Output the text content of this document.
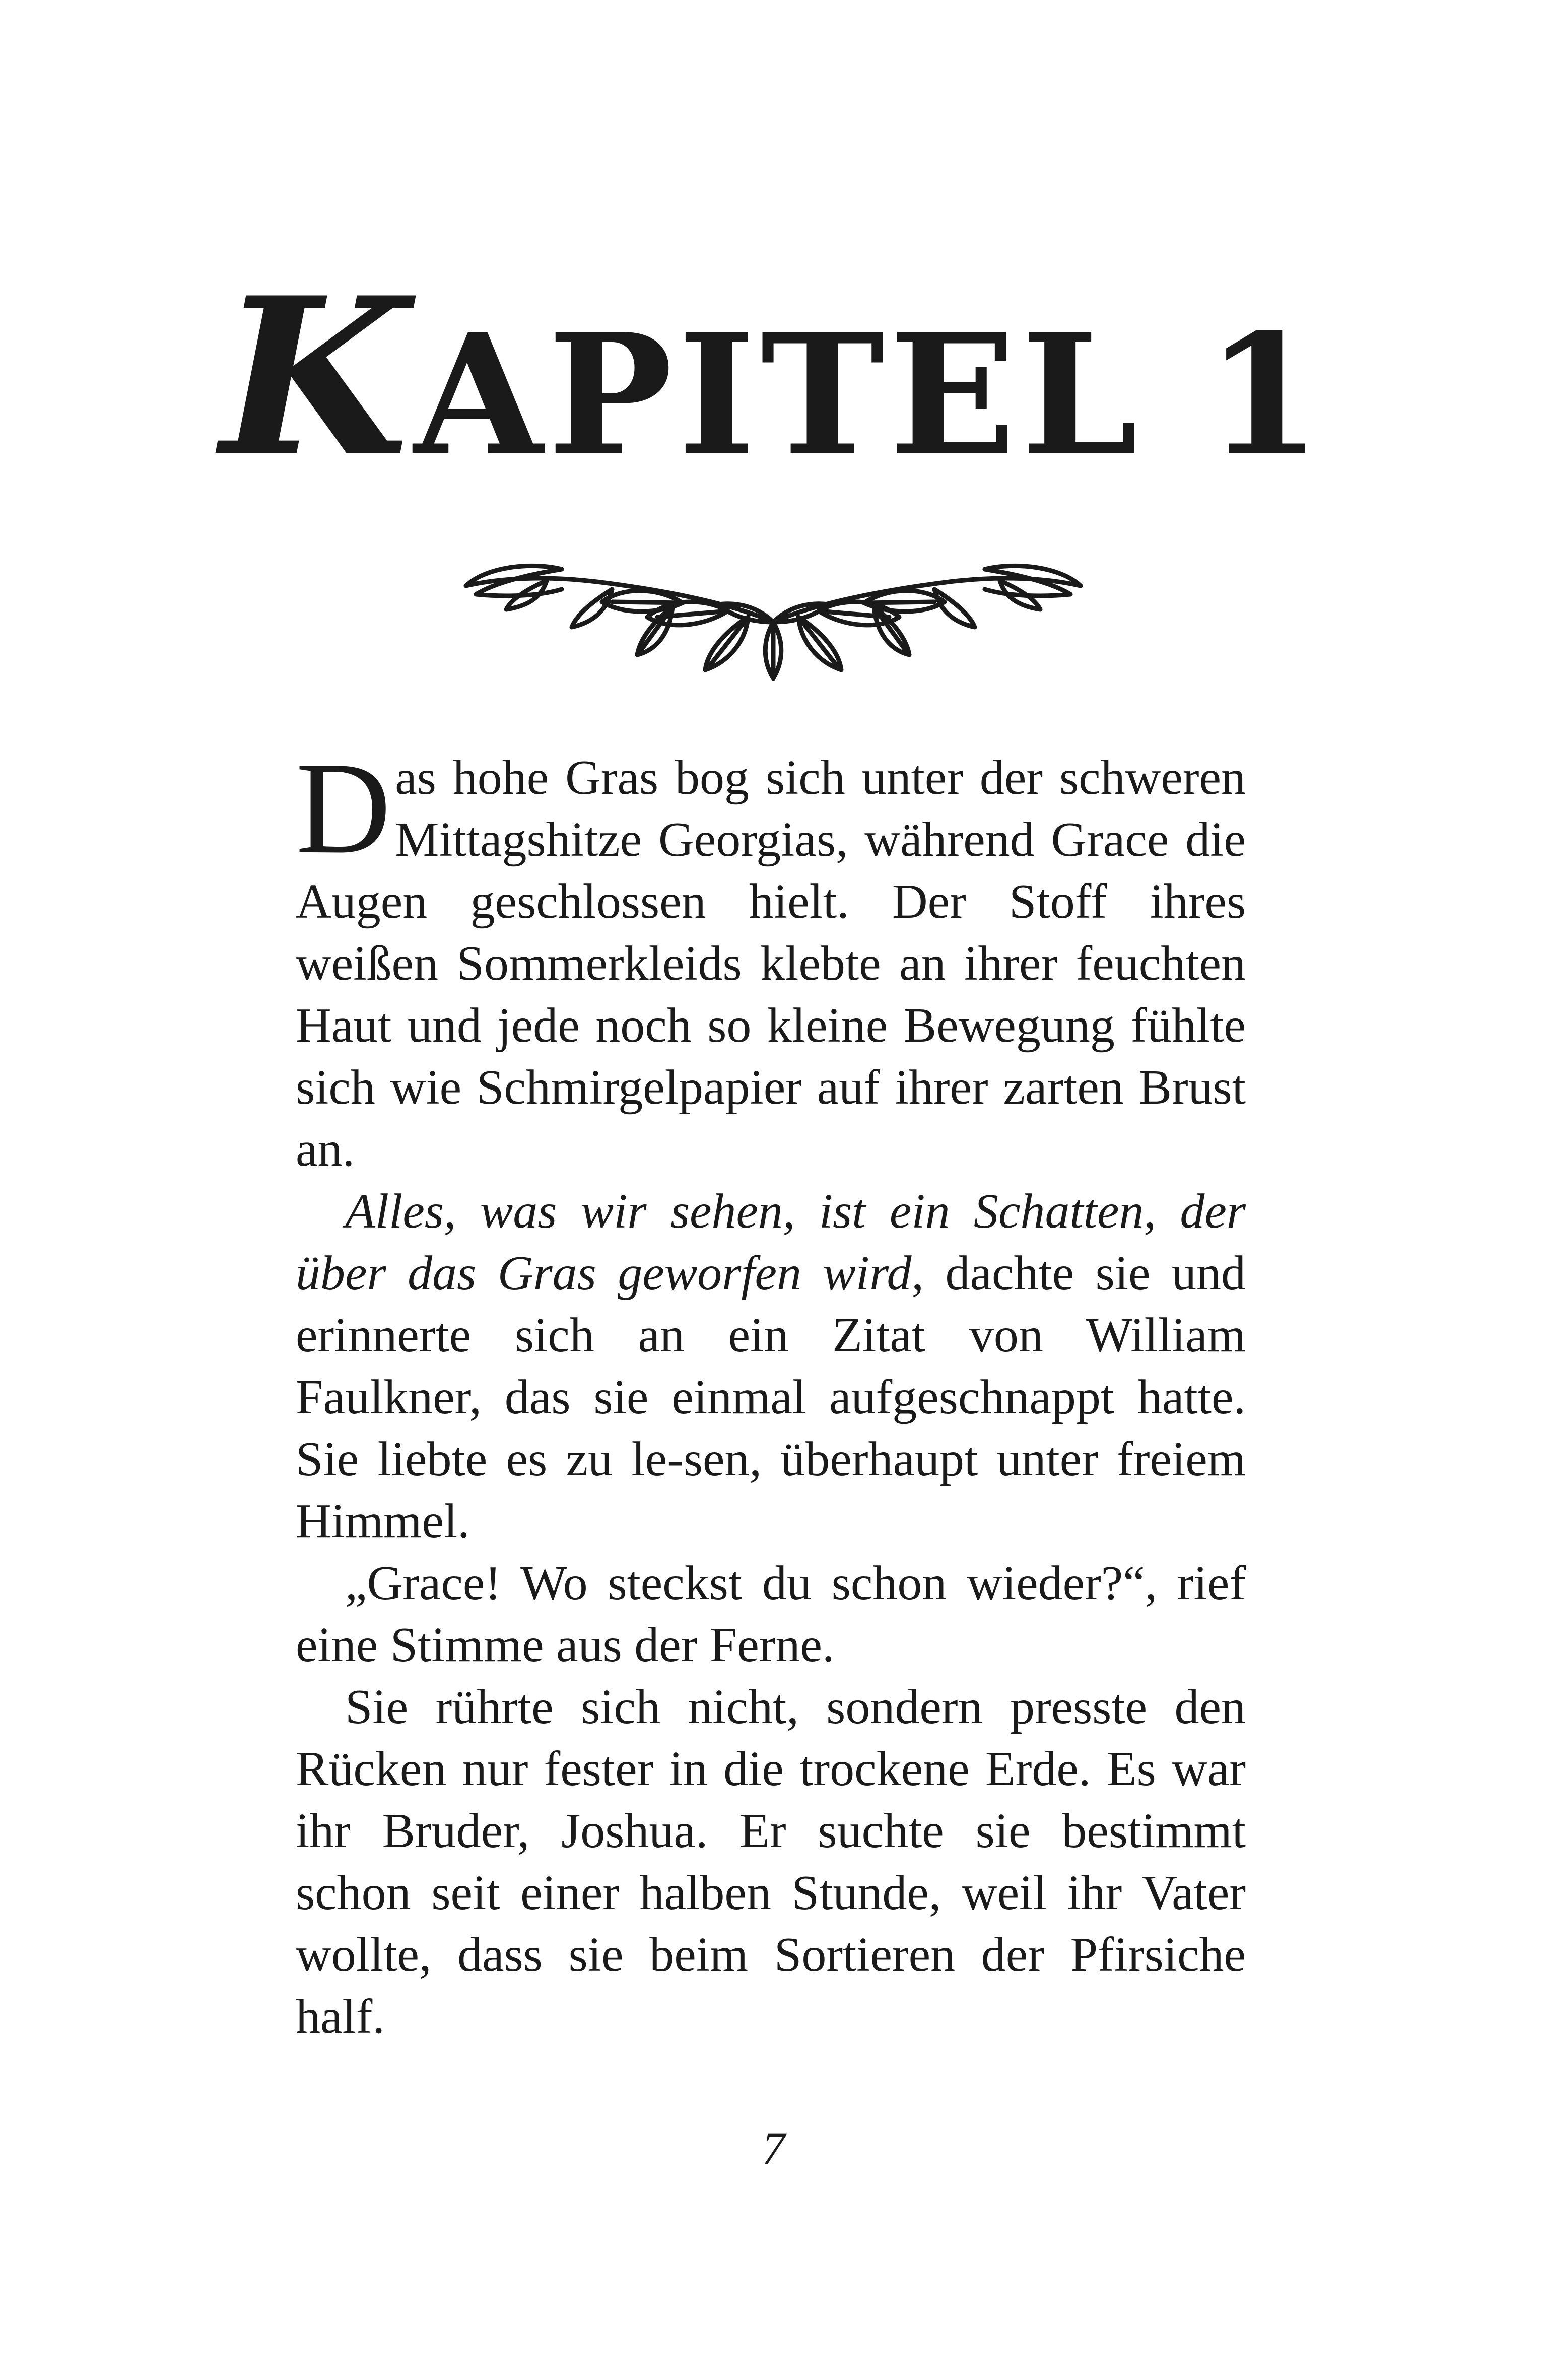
KAPITEL 1

Das hohe Gras bog sich unter der schweren Mittagshitze Georgias, während Grace die Augen geschlossen hielt. Der Stoff ihres weißen Sommerkleids klebte an ihrer feuchten Haut und jede noch so kleine Bewegung fühlte sich wie Schmirgelpapier auf ihrer zarten Brust an.

Alles, was wir sehen, ist ein Schatten, der über das Gras geworfen wird, dachte sie und erinnerte sich an ein Zitat von William Faulkner, das sie einmal aufgeschnappt hatte. Sie liebte es zu le-sen, überhaupt unter freiem Himmel.

„Grace! Wo steckst du schon wieder?“, rief eine Stimme aus der Ferne.

Sie rührte sich nicht, sondern presste den Rücken nur fester in die trockene Erde. Es war ihr Bruder, Joshua. Er suchte sie bestimmt schon seit einer halben Stunde, weil ihr Vater wollte, dass sie beim Sortieren der Pfirsiche half.

7
